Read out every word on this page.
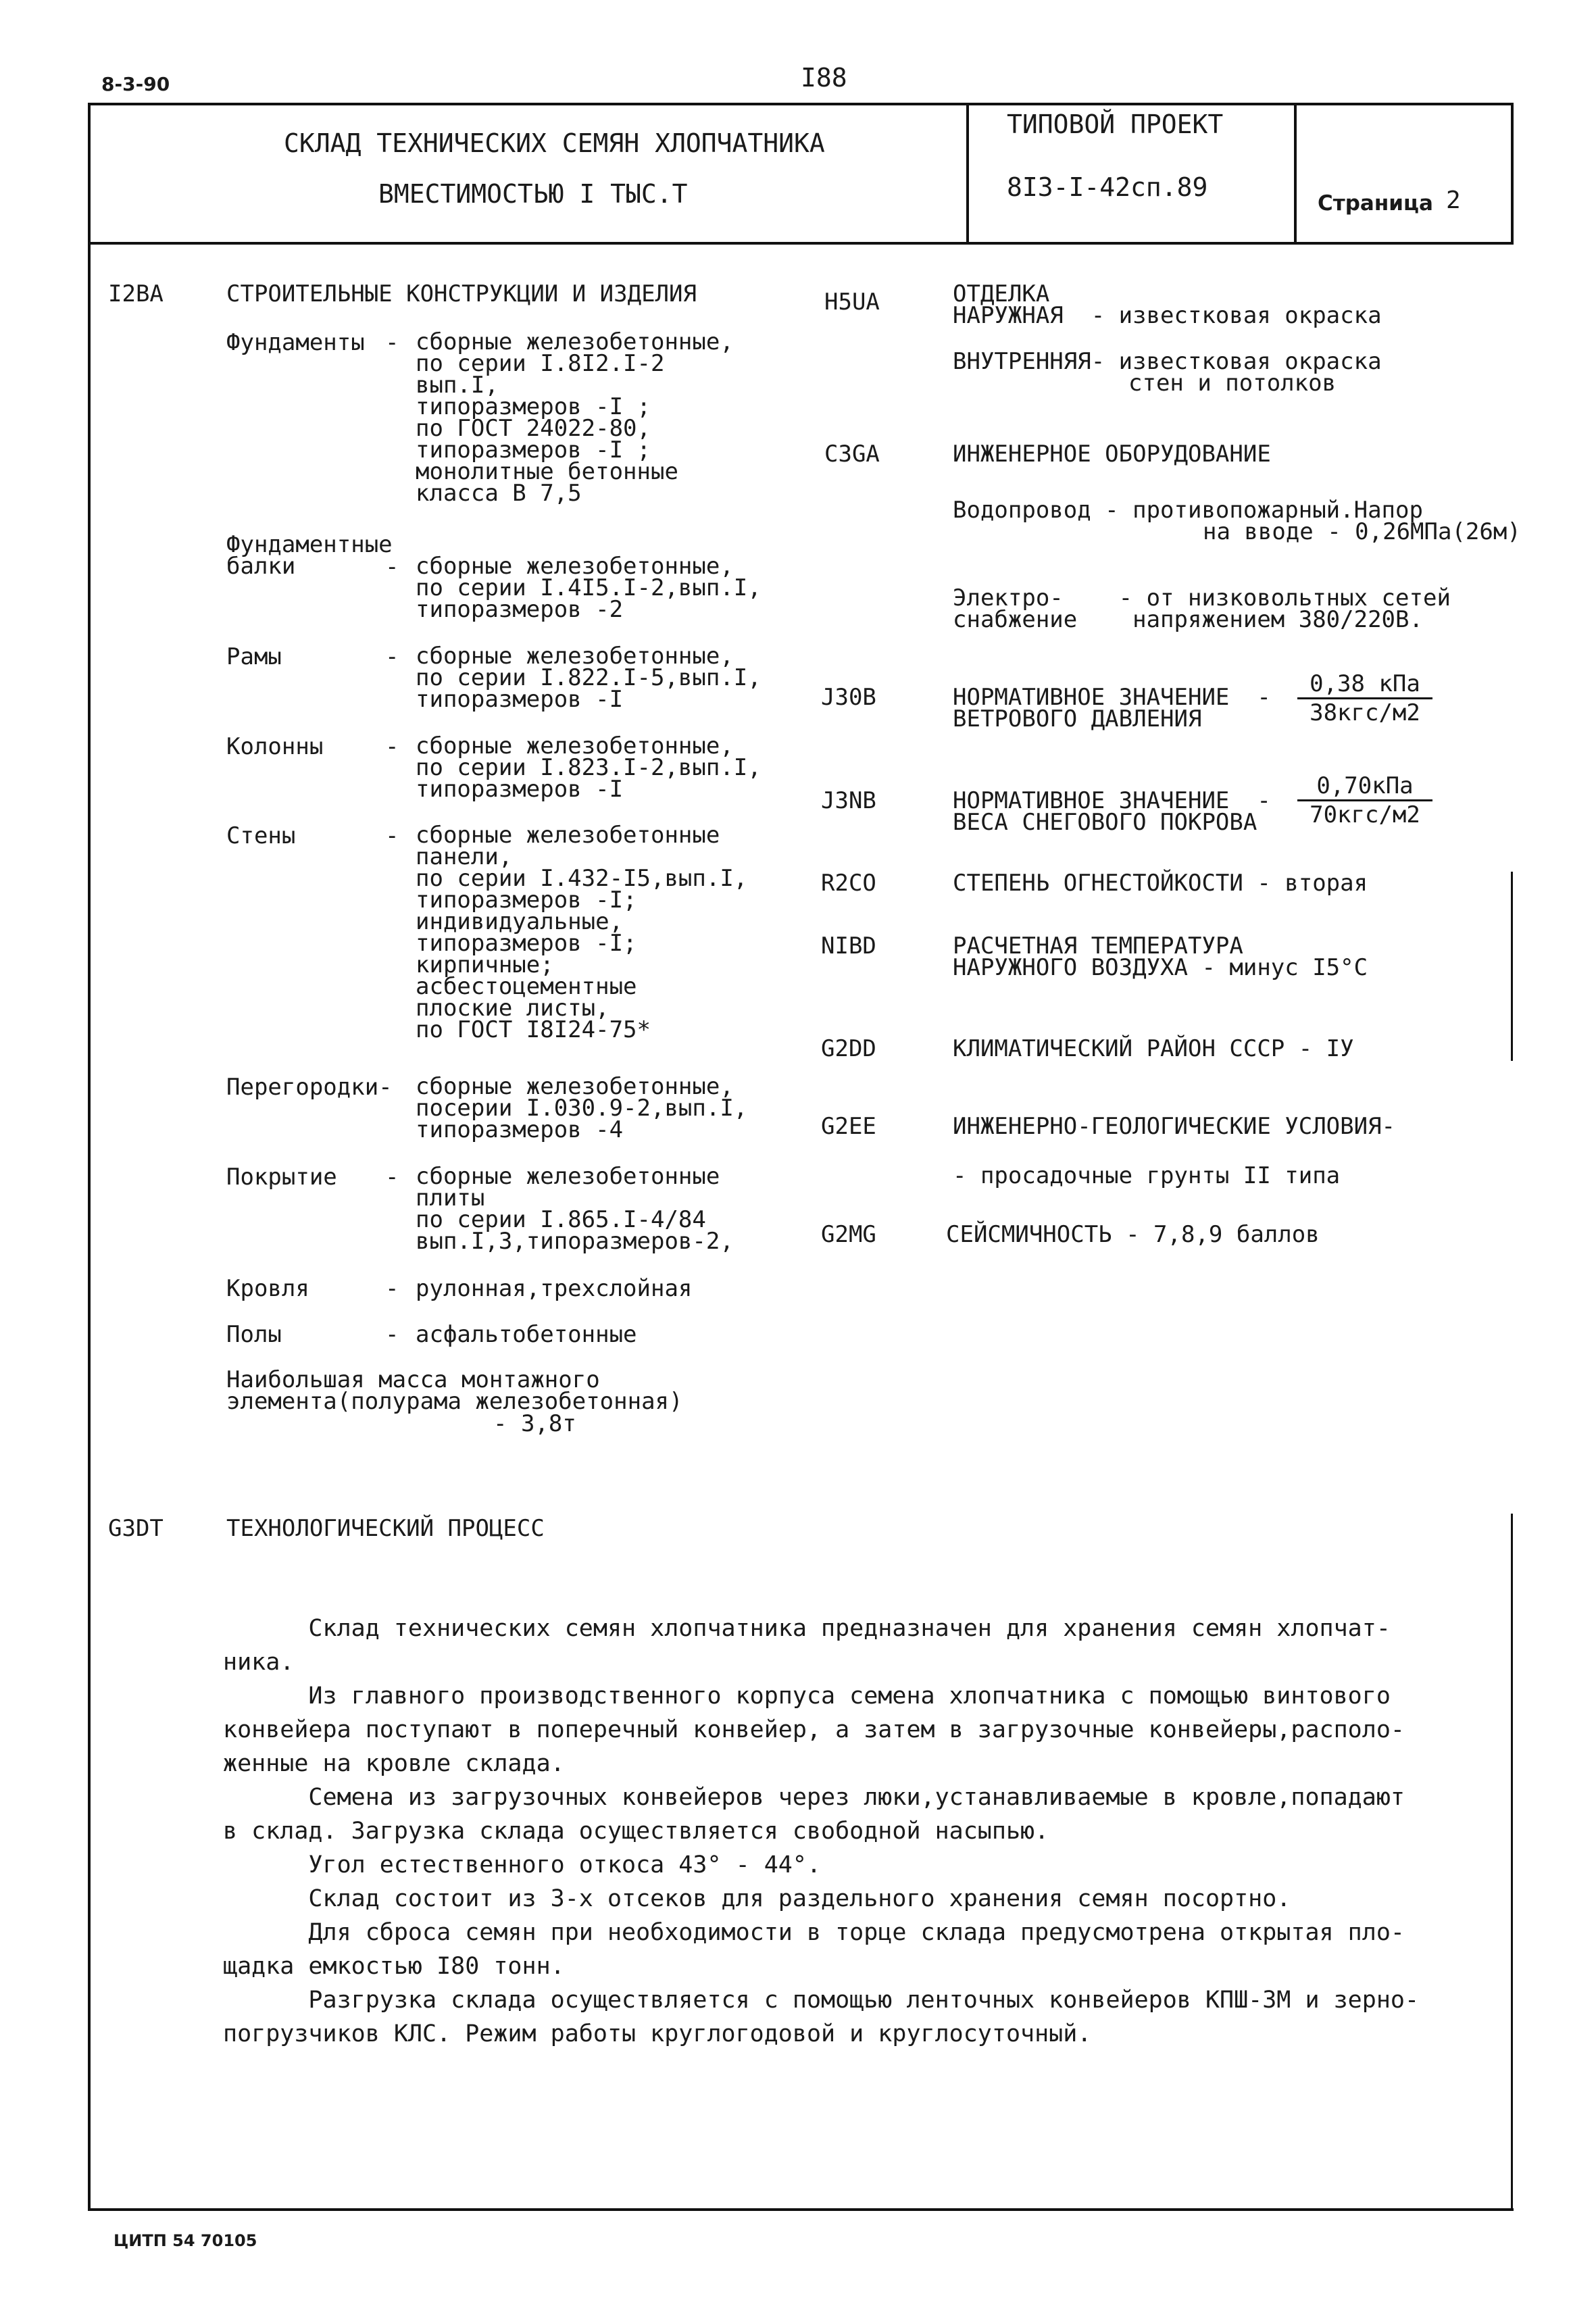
8-3-90	I88
СКЛАД ТЕХНИЧЕСКИХ СЕМЯН ХЛОПЧАТНИКА
ВМЕСТИМОСТЬЮ I ТЫС.Т
ТИПОВОЙ ПРОЕКТ
8I3-I-42сп.89
Страница 2
I2ВА	СТРОИТЕЛЬНЫЕ КОНСТРУКЦИИ И ИЗДЕЛИЯ
Фундаменты - сборные железобетонные,
по серии I.8I2.I-2
вып.I,
типоразмеров -I ;
по ГОСТ 24022-80,
типоразмеров -I ;
монолитные бетонные
класса В 7,5
Фундаментные
балки	- сборные железобетонные,
по серии I.4I5.I-2,вып.I,
типоразмеров -2
Рамы	- сборные железобетонные,
по серии I.822.I-5,вып.I,
типоразмеров -I
Колонны	- сборные железобетонные,
по серии I.823.I-2,вып.I,
типоразмеров -I
Стены	- сборные железобетонные
панели,
по серии I.432-I5,вып.I,
типоразмеров -I;
индивидуальные,
типоразмеров -I;
кирпичные;
асбестоцементные
плоские листы,
по ГОСТ I8I24-75*
Перегородки- сборные железобетонные,
посерии I.030.9-2,вып.I,
типоразмеров -4
Покрытие - сборные железобетонные
плиты
по серии I.865.I-4/84
вып.I,3,типоразмеров-2,
Кровля	- рулонная,трехслойная
Полы	- асфальтобетонные
Наибольшая масса монтажного
элемента(полурама железобетонная)
- 3,8т
Н5UА	ОТДЕЛКА
НАРУЖНАЯ  - известковая окраска
ВНУТРЕННЯЯ- известковая окраска
стен и потолков
С3GА	ИНЖЕНЕРНОЕ ОБОРУДОВАНИЕ
Водопровод - противопожарный.Напор
на вводе - 0,26МПа(26м)
Электро-    - от низковольтных сетей
снабжение    напряжением 380/220В.
J30В	НОРМАТИВНОЕ ЗНАЧЕНИЕ  -
ВЕТРОВОГО ДАВЛЕНИЯ
0,38 кПа
38кгс/м2
J3NВ	НОРМАТИВНОЕ ЗНАЧЕНИЕ  -
ВЕСА СНЕГОВОГО ПОКРОВА
0,70кПа
70кгс/м2
R2СО	СТЕПЕНЬ ОГНЕСТОЙКОСТИ - вторая
NIВD	РАСЧЕТНАЯ ТЕМПЕРАТУРА
НАРУЖНОГО ВОЗДУХА - минус I5°С
G2DD	КЛИМАТИЧЕСКИЙ РАЙОН СССР - IУ
G2ЕЕ	ИНЖЕНЕРНО-ГЕОЛОГИЧЕСКИЕ УСЛОВИЯ-
- просадочные грунты II типа
G2МG	СЕЙСМИЧНОСТЬ - 7,8,9 баллов
G3DТ	ТЕХНОЛОГИЧЕСКИЙ ПРОЦЕСС
Склад технических семян хлопчатника предназначен для хранения семян хлопчат-
ника.
Из главного производственного корпуса семена хлопчатника с помощью винтового
конвейера поступают в поперечный конвейер, а затем в загрузочные конвейеры,располо-
женные на кровле склада.
Семена из загрузочных конвейеров через люки,устанавливаемые в кровле,попадают
в склад. Загрузка склада осуществляется свободной насыпью.
Угол естественного откоса 43° - 44°.
Склад состоит из 3-х отсеков для раздельного хранения семян посортно.
Для сброса семян при необходимости в торце склада предусмотрена открытая пло-
щадка емкостью I80 тонн.
Разгрузка склада осуществляется с помощью ленточных конвейеров КПШ-3М и зерно-
погрузчиков КЛС. Режим работы круглогодовой и круглосуточный.
ЦИТП 54 70105
